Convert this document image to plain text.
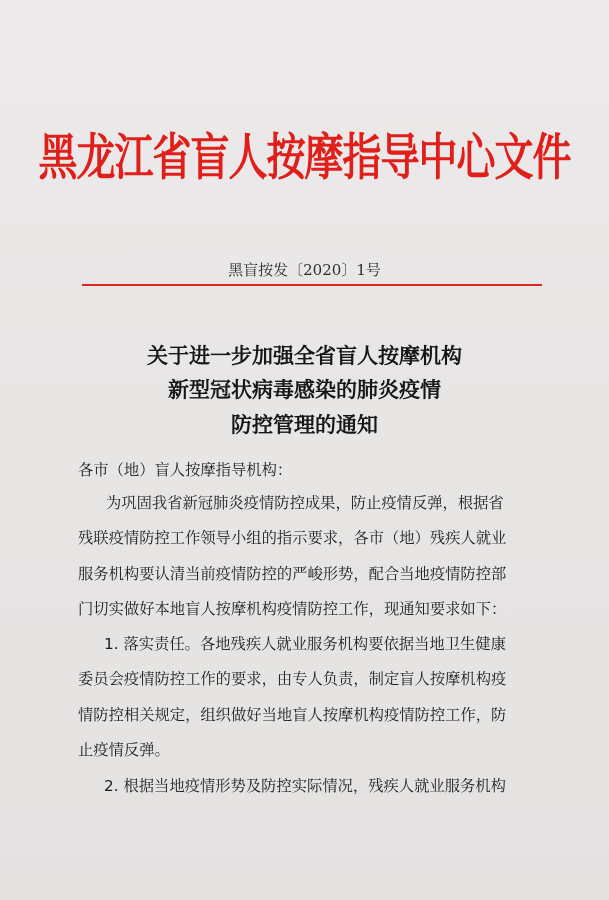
黑龙江省盲人按摩指导中心文件
黑盲按发〔2020〕1号
关于进一步加强全省盲人按摩机构
新型冠状病毒感染的肺炎疫情
防控管理的通知
各市（地）盲人按摩指导机构：
为巩固我省新冠肺炎疫情防控成果，防止疫情反弹，根据省
残联疫情防控工作领导小组的指示要求，各市（地）残疾人就业
服务机构要认清当前疫情防控的严峻形势，配合当地疫情防控部
门切实做好本地盲人按摩机构疫情防控工作，现通知要求如下：
1. 落实责任。各地残疾人就业服务机构要依据当地卫生健康
委员会疫情防控工作的要求，由专人负责，制定盲人按摩机构疫
情防控相关规定，组织做好当地盲人按摩机构疫情防控工作，防
止疫情反弹。
2. 根据当地疫情形势及防控实际情况，残疾人就业服务机构
